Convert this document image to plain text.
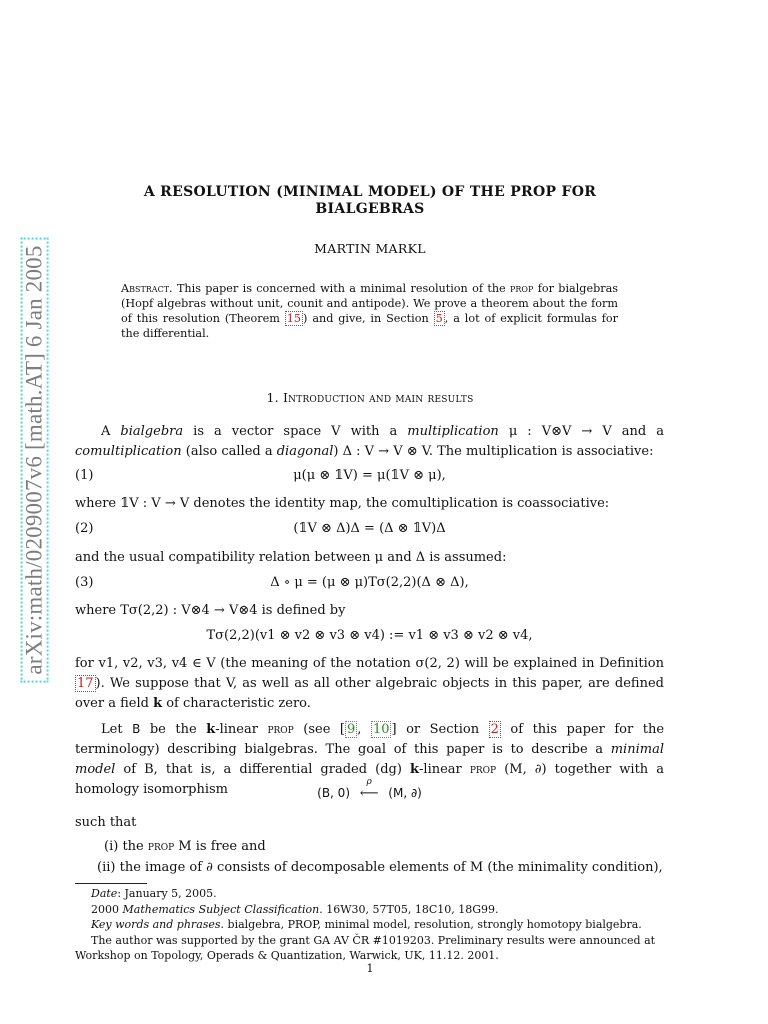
arXiv:math/0209007v6 [math.AT] 6 Jan 2005
A RESOLUTION (MINIMAL MODEL) OF THE PROP FOR
BIALGEBRAS
MARTIN MARKL
Abstract. This paper is concerned with a minimal resolution of the prop for bialgebras (Hopf algebras without unit, counit and antipode). We prove a theorem about the form of this resolution (Theorem 15 ) and give, in Section 5 , a lot of explicit formulas for the differential.
1. Introduction and main results
A bialgebra is a vector space V with a multiplication μ : V⊗V → V and a comultiplication (also called a diagonal) Δ : V → V ⊗ V. The multiplication is associative:
(1)	μ(μ ⊗ 𝟙V) = μ(𝟙V ⊗ μ),
where 𝟙V : V → V denotes the identity map, the comultiplication is coassociative:
(2)	(𝟙V ⊗ Δ)Δ = (Δ ⊗ 𝟙V)Δ
and the usual compatibility relation between μ and Δ is assumed:
(3)	Δ ∘ μ = (μ ⊗ μ)Tσ(2,2)(Δ ⊗ Δ),
where Tσ(2,2) : V⊗4 → V⊗4 is defined by
Tσ(2,2)(v1 ⊗ v2 ⊗ v3 ⊗ v4) := v1 ⊗ v3 ⊗ v2 ⊗ v4,
for v1, v2, v3, v4 ∈ V (the meaning of the notation σ(2, 2) will be explained in Definition 17 ). We suppose that V, as well as all other algebraic objects in this paper, are defined over a field k of characteristic zero.
Let B be the k-linear prop (see [ 9 , 10 ] or Section 2 of this paper for the terminology) describing bialgebras. The goal of this paper is to describe a minimal model of B, that is, a differential graded (dg) k-linear prop (M, ∂) together with a homology isomorphism	(B, 0)
ρ
⟵ (M, ∂)
such that
(i) the prop M is free and
(ii) the image of ∂ consists of decomposable elements of M (the minimality condition),
Date: January 5, 2005.
2000 Mathematics Subject Classification. 16W30, 57T05, 18C10, 18G99.
Key words and phrases. bialgebra, PROP, minimal model, resolution, strongly homotopy bialgebra.
The author was supported by the grant GA AV ČR #1019203. Preliminary results were announced at Workshop on Topology, Operads & Quantization, Warwick, UK, 11.12. 2001.
1
